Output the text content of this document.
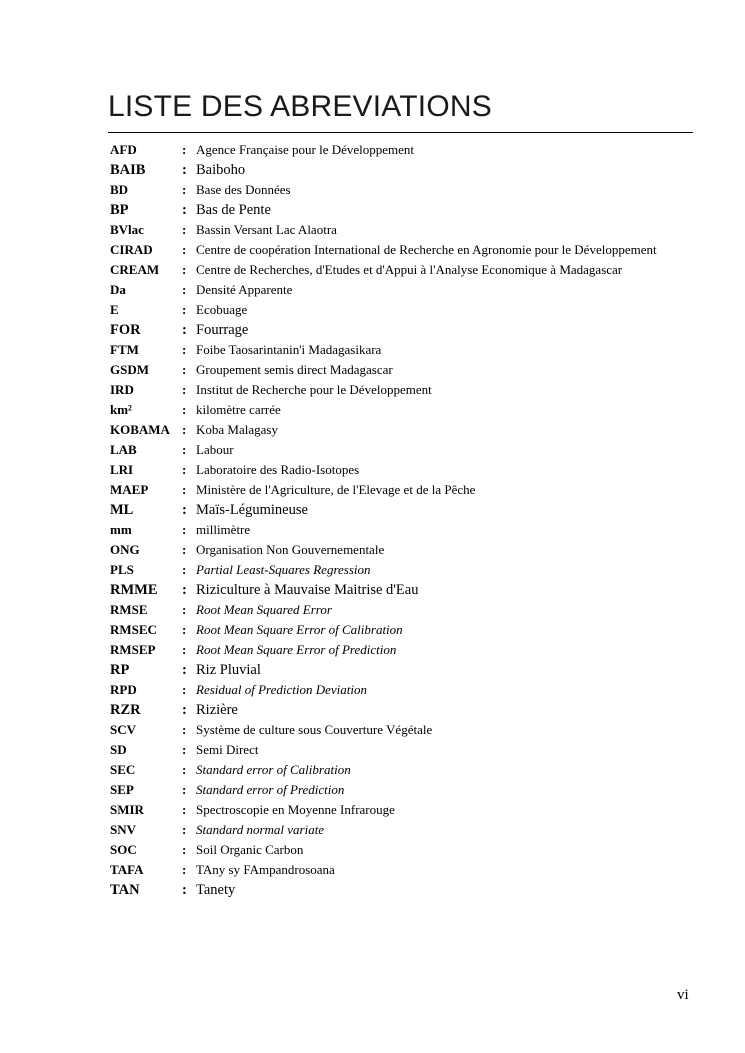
LISTE DES ABREVIATIONS
AFD	: Agence Française pour le Développement
BAIB	: Baiboho
BD	: Base des Données
BP	: Bas de Pente
BVlac	: Bassin Versant Lac Alaotra
CIRAD	: Centre de coopération International de Recherche en Agronomie pour le Développement
CREAM	: Centre de Recherches, d'Etudes et d'Appui à l'Analyse Economique à Madagascar
Da	: Densité Apparente
E	: Ecobuage
FOR	: Fourrage
FTM	: Foibe Taosarintanin'i Madagasikara
GSDM	: Groupement semis direct Madagascar
IRD	: Institut de Recherche pour le Développement
km²	: kilomètre carrée
KOBAMA : Koba Malagasy
LAB	: Labour
LRI	: Laboratoire des Radio-Isotopes
MAEP	: Ministère de l'Agriculture, de l'Elevage et de la Pêche
ML	: Maïs-Légumineuse
mm	: millimètre
ONG	: Organisation Non Gouvernementale
PLS	: Partial Least-Squares Regression
RMME	: Riziculture à Mauvaise Maitrise d'Eau
RMSE	: Root Mean Squared Error
RMSEC	: Root Mean Square Error of Calibration
RMSEP	: Root Mean Square Error of Prediction
RP	: Riz Pluvial
RPD	: Residual of Prediction Deviation
RZR	: Rizière
SCV	: Système de culture sous Couverture Végétale
SD	: Semi Direct
SEC	: Standard error of Calibration
SEP	: Standard error of Prediction
SMIR	: Spectroscopie en Moyenne Infrarouge
SNV	: Standard normal variate
SOC	: Soil Organic Carbon
TAFA	: TAny sy FAmpandrosoana
TAN	: Tanety
vi
